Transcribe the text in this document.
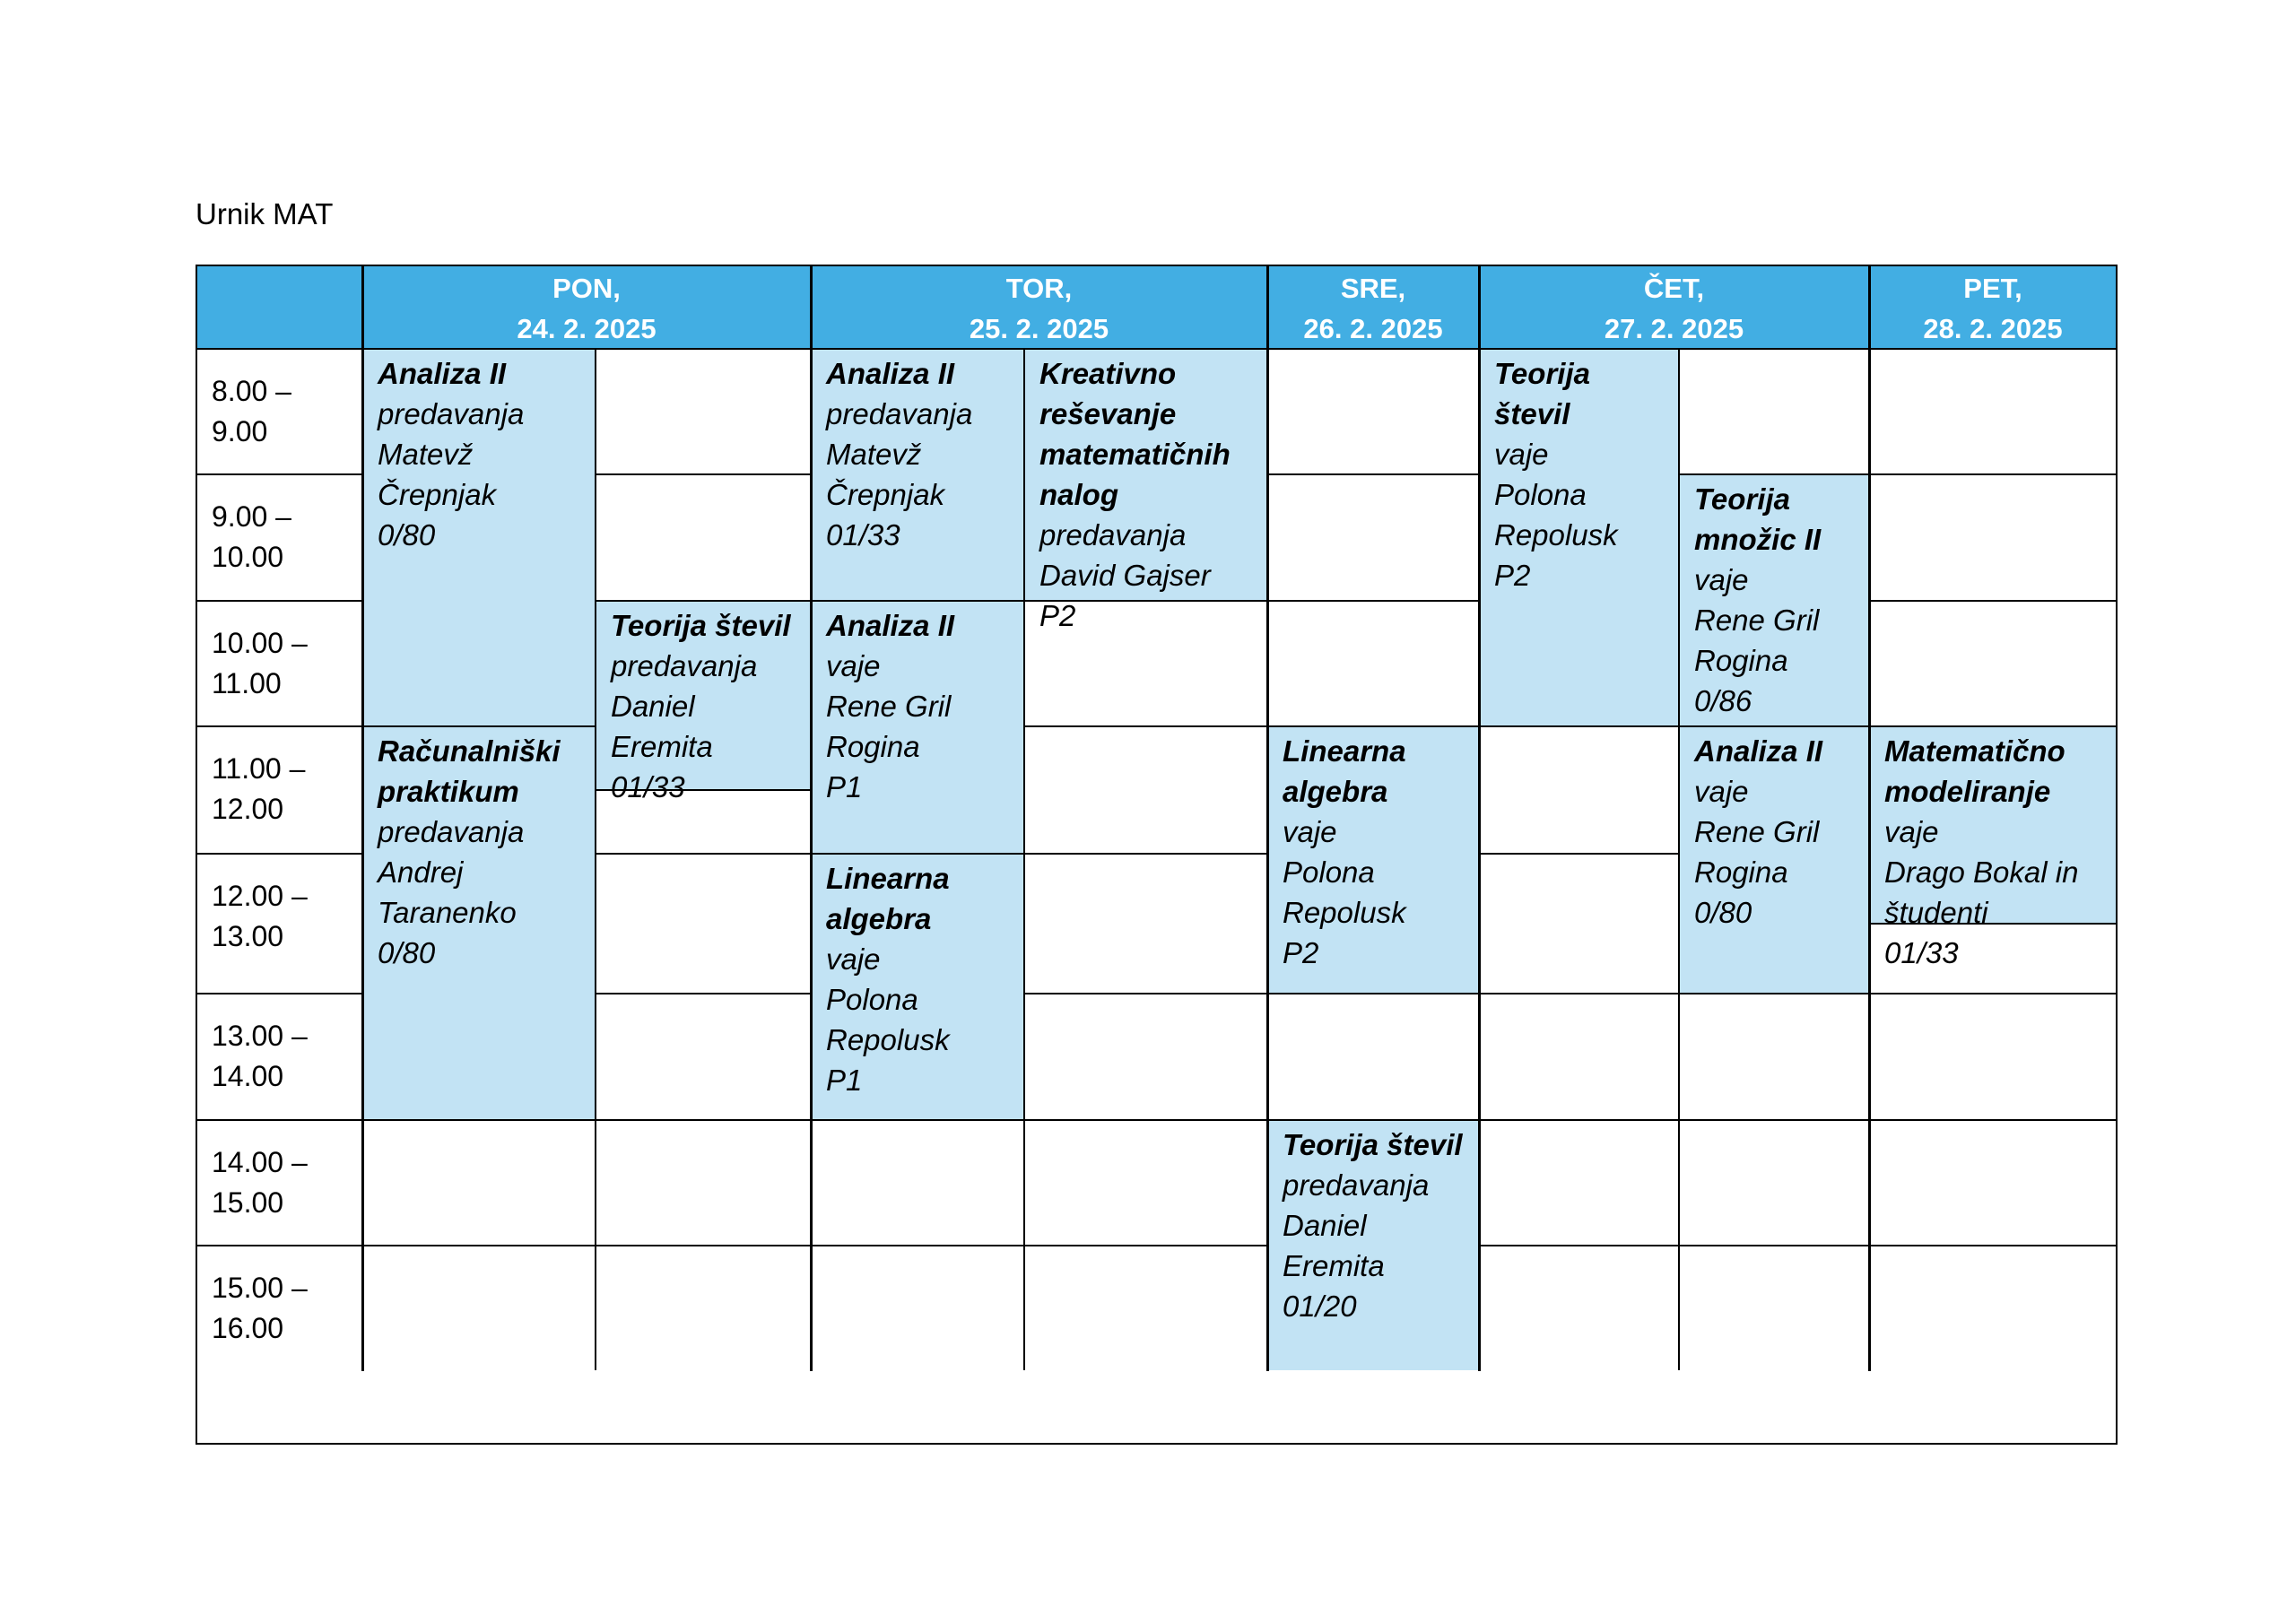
Urnik MAT
PON,
24. 2. 2025
TOR,
25. 2. 2025
SRE,
26. 2. 2025
ČET,
27. 2. 2025
PET,
28. 2. 2025
8.00 –
9.00
9.00 –
10.00
10.00 –
11.00
11.00 –
12.00
12.00 –
13.00
13.00 –
14.00
14.00 –
15.00
15.00 –
16.00
Analiza II
predavanja
Matevž
Črepnjak
0/80
Teorija števil
predavanja
Daniel
Eremita
01/33
Računalniški
praktikum
predavanja
Andrej
Taranenko
0/80
Analiza II
predavanja
Matevž
Črepnjak
01/33
Kreativno
reševanje
matematičnih
nalog
predavanja
David Gajser
P2
Analiza II
vaje
Rene Gril
Rogina
P1
Linearna
algebra
vaje
Polona
Repolusk
P1
Linearna
algebra
vaje
Polona
Repolusk
P2
Teorija števil
predavanja
Daniel
Eremita
01/20
Teorija
števil
vaje
Polona
Repolusk
P2
Teorija
množic II
vaje
Rene Gril
Rogina
0/86
Analiza II
vaje
Rene Gril
Rogina
0/80
Matematično
modeliranje
vaje
Drago Bokal in
študenti
01/33
